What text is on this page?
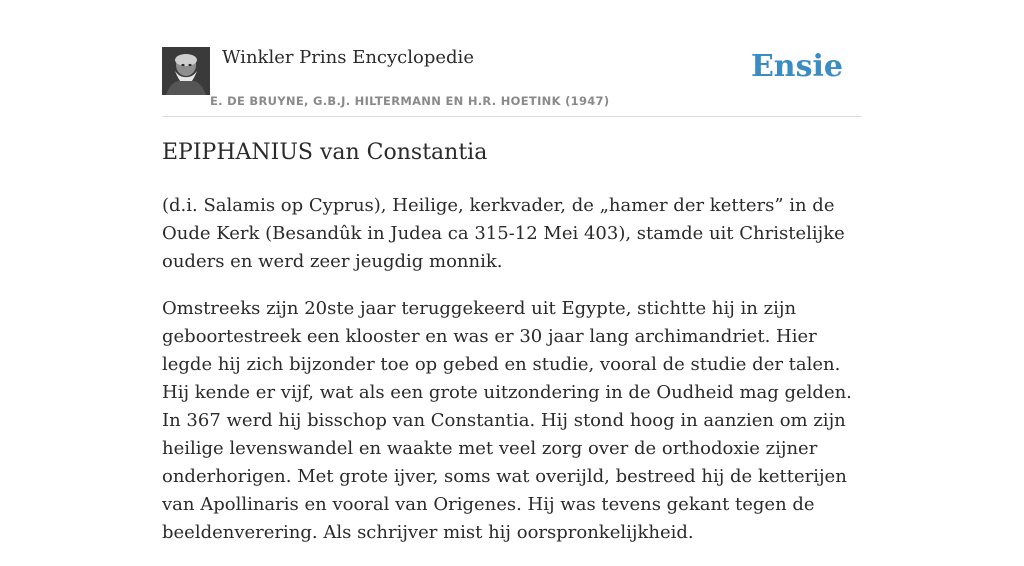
Winkler Prins Encyclopedie
E. DE BRUYNE, G.B.J. HILTERMANN EN H.R. HOETINK (1947)
Ensie
EPIPHANIUS van Constantia

(d.i. Salamis op Cyprus), Heilige, kerkvader, de „hamer der ketters” in de Oude Kerk (Besandûk in Judea ca 315-12 Mei 403), stamde uit Christelijke ouders en werd zeer jeugdig monnik.

Omstreeks zijn 20ste jaar teruggekeerd uit Egypte, stichtte hij in zijn geboortestreek een klooster en was er 30 jaar lang archimandriet. Hier legde hij zich bijzonder toe op gebed en studie, vooral de studie der talen. Hij kende er vijf, wat als een grote uitzondering in de Oudheid mag gelden. In 367 werd hij bisschop van Constantia. Hij stond hoog in aanzien om zijn heilige levenswandel en waakte met veel zorg over de orthodoxie zijner onderhorigen. Met grote ijver, soms wat overijld, bestreed hij de ketterijen van Apollinaris en vooral van Origenes. Hij was tevens gekant tegen de beeldenverering. Als schrijver mist hij oorspronkelijkheid.
